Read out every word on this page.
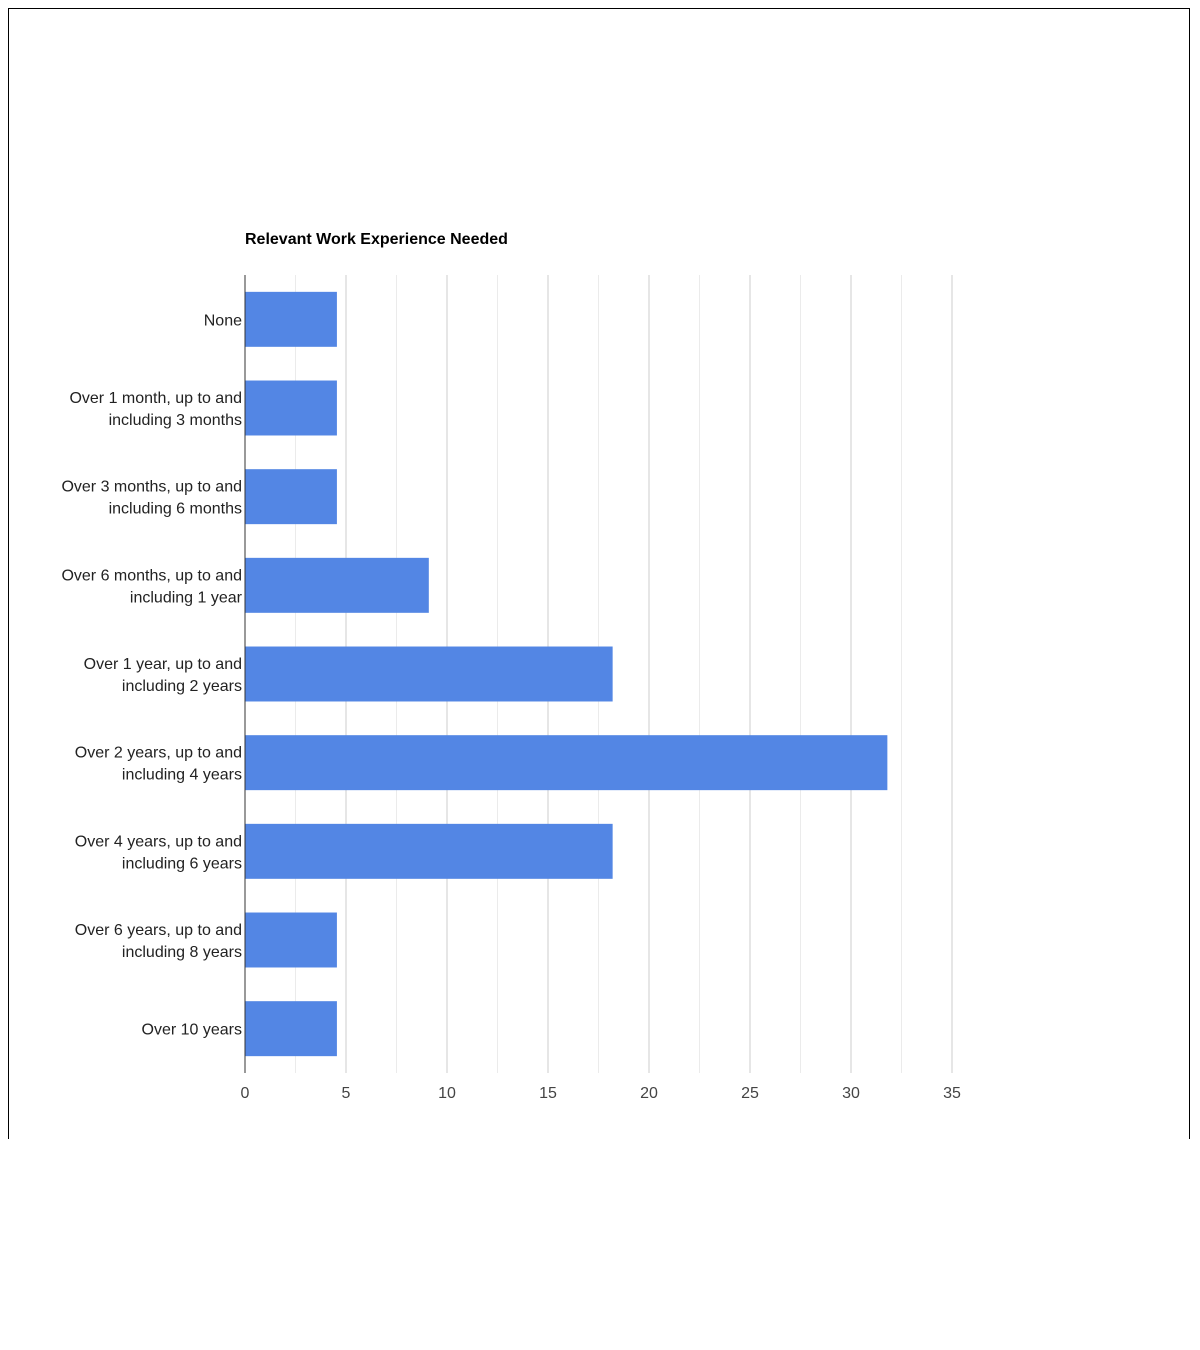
Relevant Work Experience Needed
None
Over 1 month, up to and including 3 months
Over 3 months, up to and including 6 months
Over 6 months, up to and including 1 year
Over 1 year, up to and including 2 years
Over 2 years, up to and including 4 years
Over 4 years, up to and including 6 years
Over 6 years, up to and including 8 years
Over 10 years
0	5	10	15	20	25	30	35
